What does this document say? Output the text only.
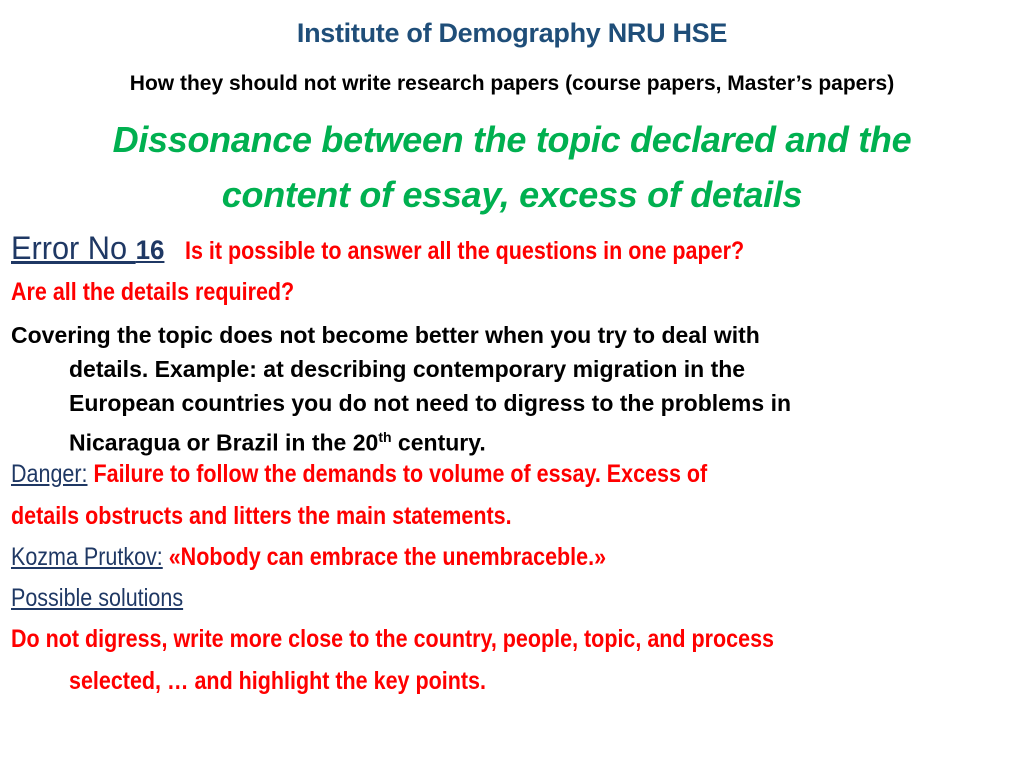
Institute of Demography NRU HSE
How they should not write research papers (course papers, Master’s papers)
Dissonance between the topic declared and the
content of essay, excess of details
Error No 16 Is it possible to answer all the questions in one paper?
Are all the details required?
Covering the topic does not become better when you try to deal with
details. Example: at describing contemporary migration in the
European countries you do not need to digress to the problems in
Nicaragua or Brazil in the 20th century.
Danger: Failure to follow the demands to volume of essay. Excess of
details obstructs and litters the main statements.
Kozma Prutkov: «Nobody can embrace the unembraceble.»
Possible solutions
Do not digress, write more close to the country, people, topic, and process
selected, … and highlight the key points.
